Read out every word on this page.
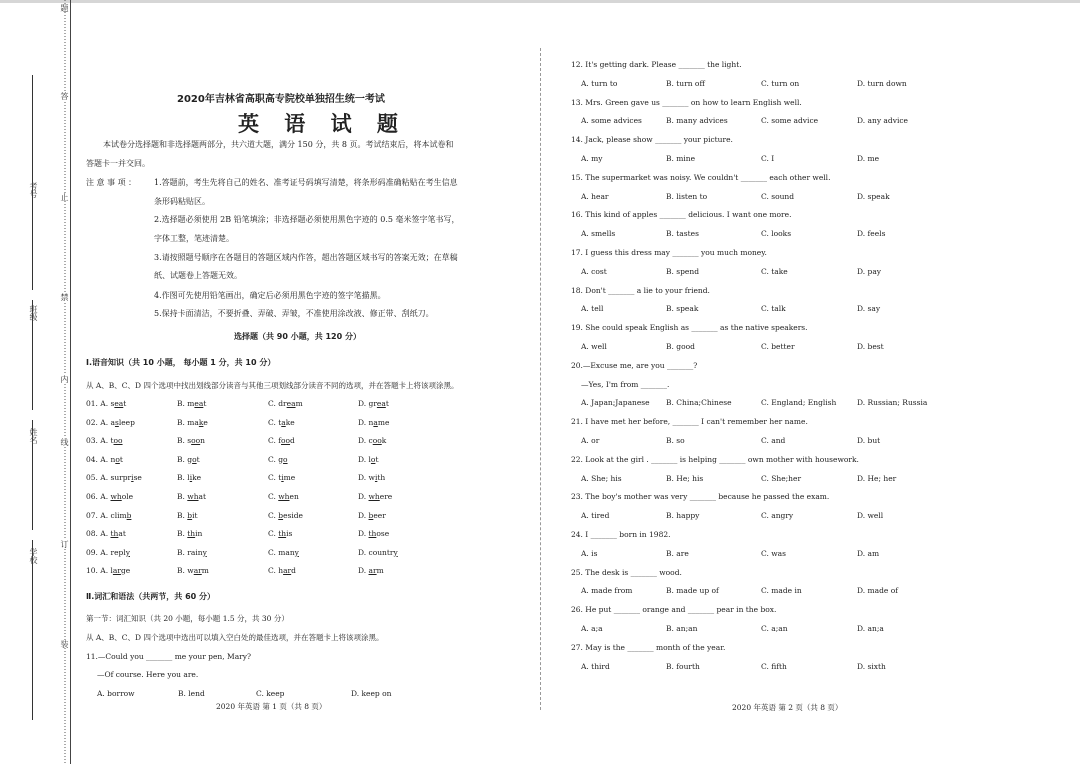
考号
班级
姓名
学校
题
答
止
禁
内
线
订
装
2020年吉林省高职高专院校单独招生统一考试
英 语 试 题
本试卷分选择题和非选择题两部分，共六道大题，满分 150 分，共 8 页。考试结束后，将本试卷和
答题卡一并交回。
注 意 事 项 ： 1.答题前，考生先将自己的姓名、准考证号码填写清楚，将条形码准确粘贴在考生信息
条形码粘贴区。
2.选择题必须使用 2B 铅笔填涂；非选择题必须使用黑色字迹的 0.5 毫米签字笔书写，
字体工整，笔迹清楚。
3.请按照题号顺序在各题目的答题区域内作答，超出答题区域书写的答案无效；在草稿
纸、试题卷上答题无效。
4.作图可先使用铅笔画出，确定后必须用黑色字迹的签字笔描黑。
5.保持卡面清洁，不要折叠、弄破、弄皱，不准使用涂改液、修正带、刮纸刀。
选择题（共 90 小题，共 120 分）
Ⅰ.语音知识（共 10 小题， 每小题 1 分，共 10 分）
从 A、B、C、D 四个选项中找出划线部分读音与其他三项划线部分读音不同的选项，并在答题卡上将该项涂黑。
01. A. seat	B. meat	C. dream	D. great
02. A. asleep	B. make	C. take	D. name
03. A. too	B. soon	C. food	D. cook
04. A. not	B. got	C. go	D. lot
05. A. surprise	B. like	C. time	D. with
06. A. whole	B. what	C. when	D. where
07. A. climb	B. bit	C. beside	D. beer
08. A. that	B. thin	C. this	D. those
09. A. reply	B. rainy	C. many	D. country
10. A. large	B. warm	C. hard	D. arm
Ⅱ.词汇和语法（共两节，共 60 分）
第一节：词汇知识（共 20 小题，每小题 1.5 分，共 30 分）
从 A、B、C、D 四个选项中选出可以填入空白处的最佳选项，并在答题卡上将该项涂黑。
11.—Could you _______ me your pen, Mary?
—Of course. Here you are.
A. borrow	B. lend	C. keep	D. keep on
2020 年英语 第 1 页（共 8 页）	2020 年英语 第 2 页（共 8 页）
12. It's getting dark. Please _______ the light.
A. turn to	B. turn off	C. turn on	D. turn down
13. Mrs. Green gave us _______ on how to learn English well.
A. some advices	B. many advices	C. some advice	D. any advice
14. Jack, please show _______ your picture.
A. my	B. mine	C. I	D. me
15. The supermarket was noisy. We couldn't _______ each other well.
A. hear	B. listen to	C. sound	D. speak
16. This kind of apples _______ delicious. I want one more.
A. smells	B. tastes	C. looks	D. feels
17. I guess this dress may _______ you much money.
A. cost	B. spend	C. take	D. pay
18. Don't _______ a lie to your friend.
A. tell	B. speak	C. talk	D. say
19. She could speak English as _______ as the native speakers.
A. well	B. good	C. better	D. best
20.—Excuse me, are you _______?
—Yes, I'm from _______.
A. Japan;Japanese B. China;Chinese	C. England; English	D. Russian; Russia
21. I have met her before, _______ I can't remember her name.
A. or	B. so	C. and	D. but
22. Look at the girl . _______ is helping _______ own mother with housework.
A. She; his	B. He; his	C. She;her	D. He; her
23. The boy's mother was very _______ because he passed the exam.
A. tired	B. happy	C. angry	D. well
24. I _______ born in 1982.
A. is	B. are	C. was	D. am
25. The desk is _______ wood.
A. made from	B. made up of	C. made in	D. made of
26. He put _______ orange and _______ pear in the box.
A. a;a	B. an;an	C. a;an	D. an;a
27. May is the _______ month of the year.
A. third	B. fourth	C. fifth	D. sixth
